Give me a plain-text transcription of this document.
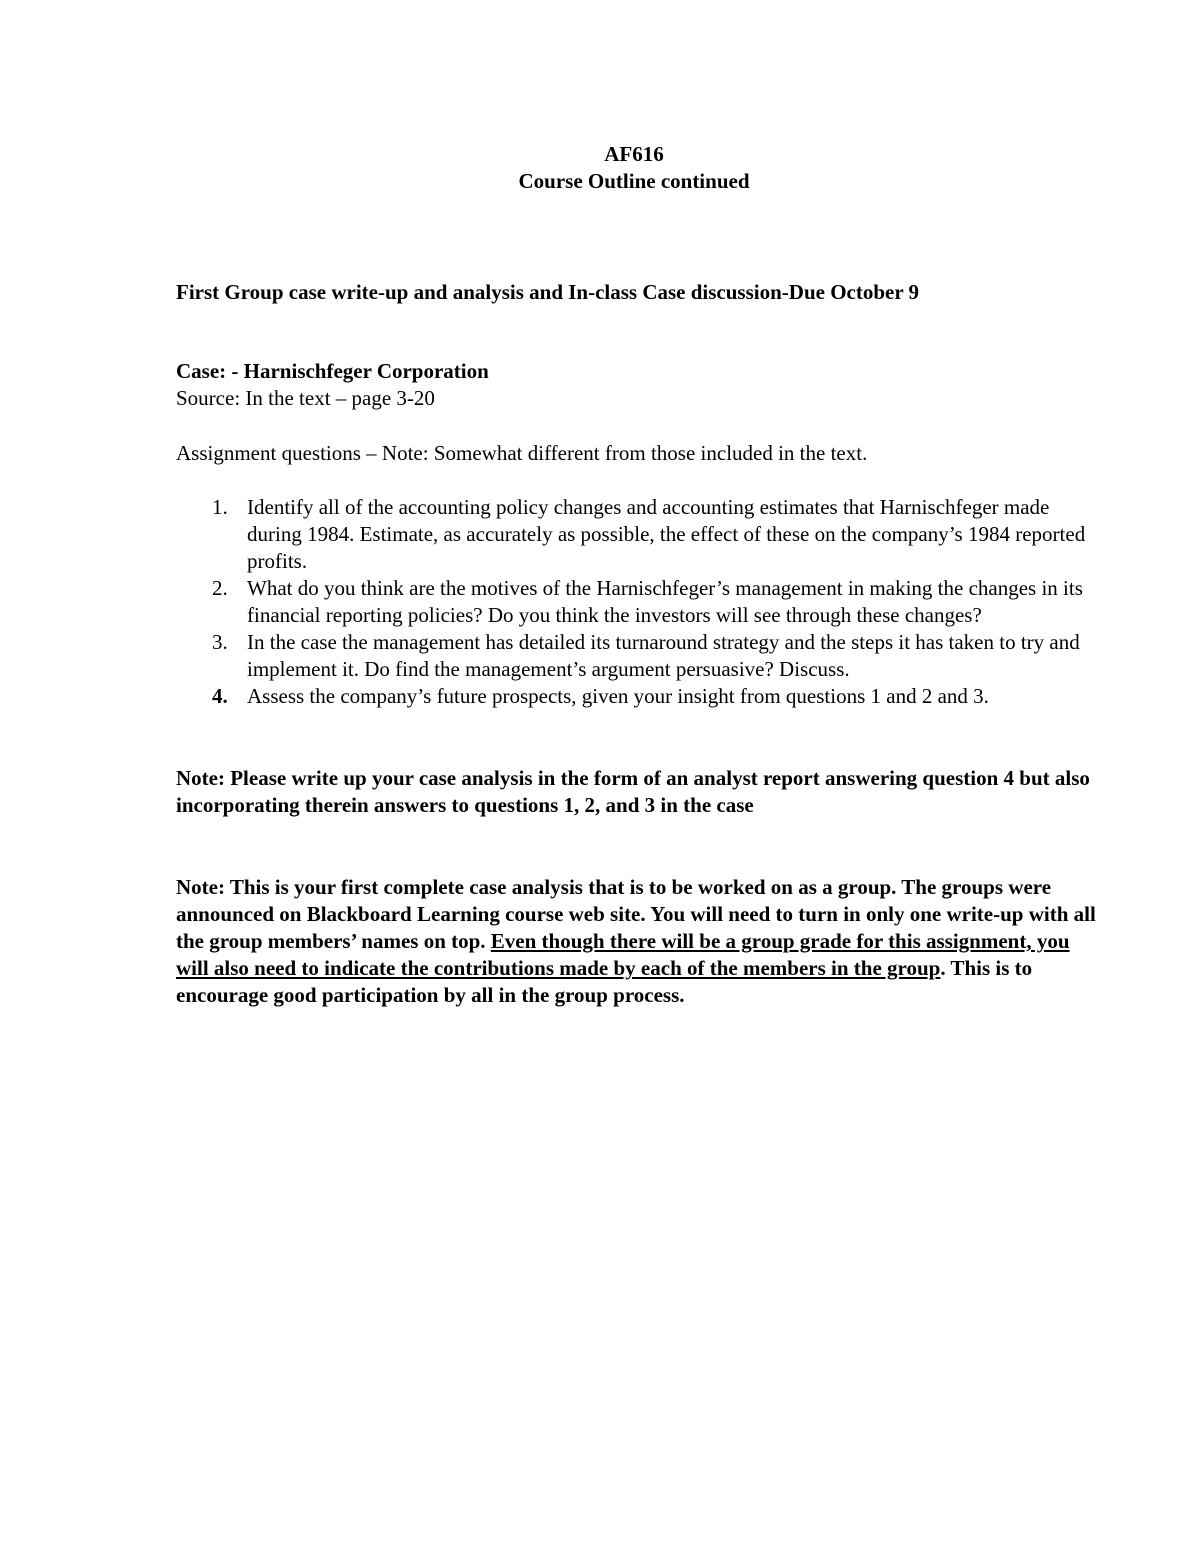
AF616
Course Outline continued
First Group case write-up and analysis and In-class Case discussion-Due October 9
Case: - Harnischfeger Corporation
Source: In the text – page 3-20
Assignment questions – Note: Somewhat different from those included in the text.
1. Identify all of the accounting policy changes and accounting estimates that Harnischfeger made during 1984. Estimate, as accurately as possible, the effect of these on the company’s 1984 reported profits.
2. What do you think are the motives of the Harnischfeger’s management in making the changes in its financial reporting policies? Do you think the investors will see through these changes?
3. In the case the management has detailed its turnaround strategy and the steps it has taken to try and implement it. Do find the management’s argument persuasive? Discuss.
4. Assess the company’s future prospects, given your insight from questions 1 and 2 and 3.
Note: Please write up your case analysis in the form of an analyst report answering question 4 but also incorporating therein answers to questions 1, 2, and 3 in the case
Note: This is your first complete case analysis that is to be worked on as a group. The groups were announced on Blackboard Learning course web site. You will need to turn in only one write-up with all the group members’ names on top. Even though there will be a group grade for this assignment, you will also need to indicate the contributions made by each of the members in the group. This is to encourage good participation by all in the group process.
